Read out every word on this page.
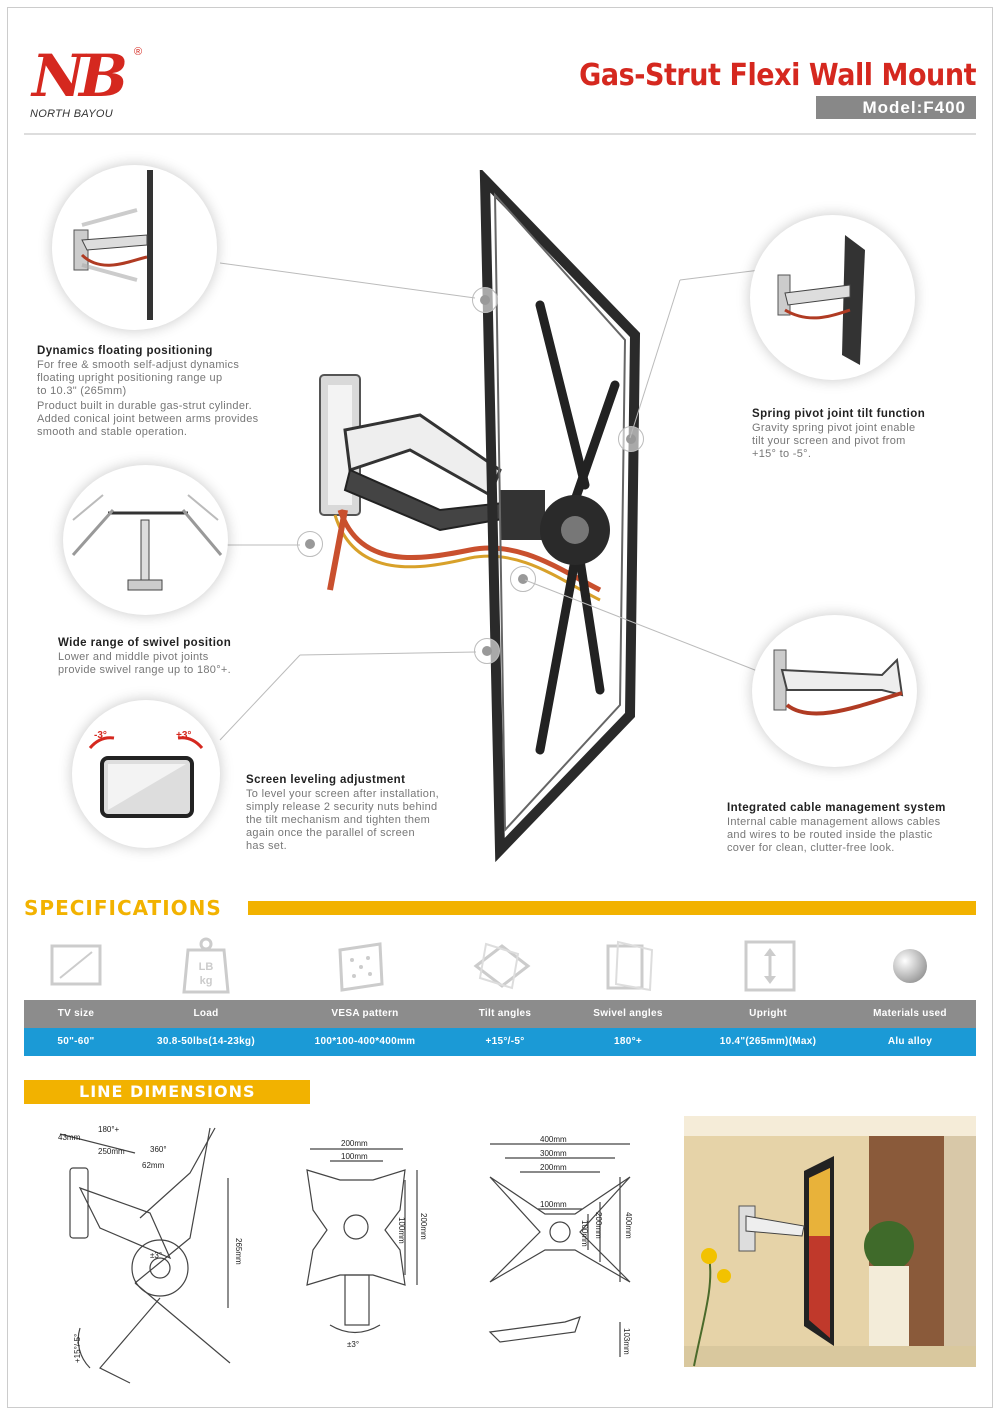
NB ®
NORTH BAYOU
Gas-Strut Flexi Wall Mount
Model:F400
-3°	+3°
Dynamics floating positioning
For free & smooth self-adjust dynamics
floating upright positioning range up
to 10.3" (265mm)

Product built in durable gas-strut cylinder.

Added conical joint between arms provides
smooth and stable operation.
Spring pivot joint tilt function
Gravity spring pivot joint enable
tilt your screen and pivot from
+15° to -5°.
Wide range of swivel position
Lower and middle pivot joints
provide swivel range up to 180°+.
Screen leveling adjustment
To level your screen after installation,
simply release 2 security nuts behind
the tilt mechanism and tighten them
again once the parallel of screen
has set.
Integrated cable management system
Internal cable management allows cables
and wires to be routed inside the plastic
cover for clean, clutter-free look.
SPECIFICATIONS
LB
kg
TV size	Load	VESA pattern	Tilt angles	Swivel angles	Upright	Materials used
50"-60"	30.8-50lbs(14-23kg)	100*100-400*400mm	+15°/-5°	180°+	10.4"(265mm)(Max)	Alu alloy
LINE DIMENSIONS
180°+
43mm
360°
250mm
62mm
265mm
±3°
+15°/-5°
200mm
100mm
100mm 200mm
±3°
400mm
300mm
200mm
100mm
100mm 200mm	400mm
103mm
